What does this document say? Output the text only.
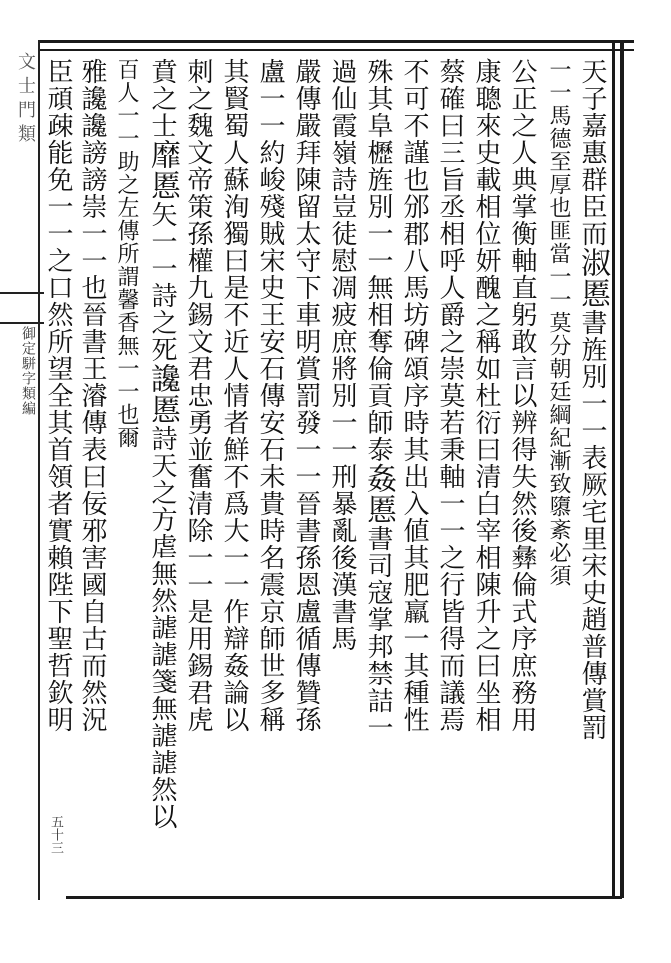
文士門類
御定駢字類編
五十三
天子嘉惠群臣而淑慝書旌別一一表厥宅里宋史趙普傳賞罰
一一馬德至厚也匪當一一莫分朝廷綱紀漸致隳紊必須
公正之人典掌衡軸直躬敢言以辨得失然後彝倫式序庶務用
康聰來史載相位妍醜之稱如杜衍曰清白宰相陳升之曰坐相
蔡確曰三旨丞相呼人爵之崇莫若秉軸一一之行皆得而議焉
不可不謹也邠郡八馬坊碑頌序時其出入値其肥羸一其種性
殊其阜櫪旌別一一無相奪倫貢師泰姦慝書司寇掌邦禁詰一
過仙霞嶺詩豈徒慰凋疲庶將別一一刑暴亂後漢書馬
嚴傳嚴拜陳留太守下車明賞罰發一一晉書孫恩盧循傳贊孫
盧一一約峻殘賊宋史王安石傳安石未貴時名震京師世多稱
其賢蜀人蘇洵獨曰是不近人情者鮮不爲大一一作辯姦論以
刺之魏文帝策孫權九錫文君忠勇並奮清除一一是用錫君虎
賁之士靡慝矢一一詩之死讒慝詩天之方虐無然謔謔箋無謔謔然以
百人一一助之左傳所謂馨香無一一也爾
雅讒讒謗謗崇一一也晉書王濬傳表曰佞邪害國自古而然況
臣頑疎能免一一之口然所望全其首領者實賴陛下聖哲欽明
